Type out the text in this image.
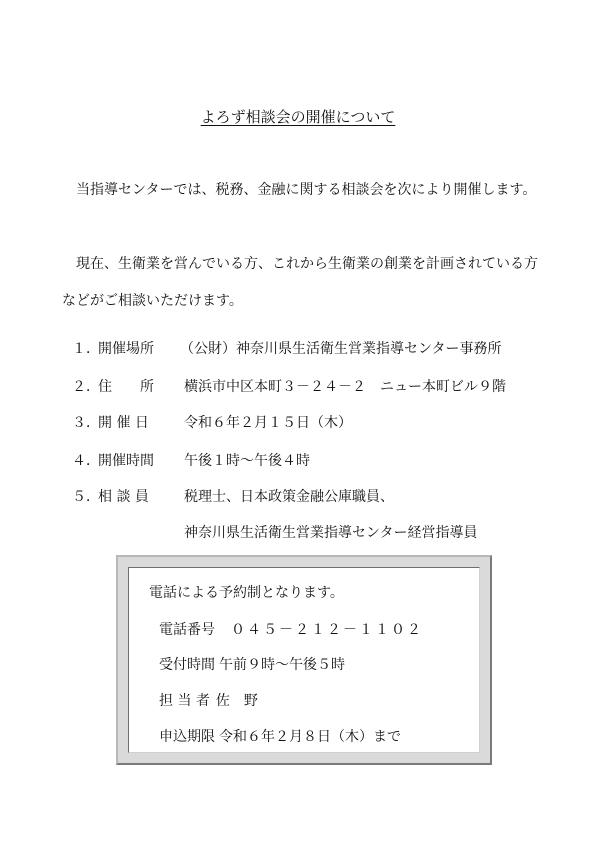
よろず相談会の開催について
当指導センターでは、税務、金融に関する相談会を次により開催します。
現在、生衛業を営んでいる方、これから生衛業の創業を計画されている方などがご相談いただけます。
１．
開催場所 （公財）神奈川県生活衛生営業指導センター事務所
２．
住　　所 横浜市中区本町３－２４－２　ニュー本町ビル９階
３．
開 催 日	令和６年２月１５日（木）
４．
開催時間 午後１時～午後４時
５．
相 談 員	税理士、日本政策金融公庫職員、
神奈川県生活衛生営業指導センター経営指導員
電話による予約制となります。
電話番号 ０４５－２１２－１１０２
受付時間 午前９時～午後５時
担 当 者 佐　野
申込期限 令和６年２月８日（木）まで
